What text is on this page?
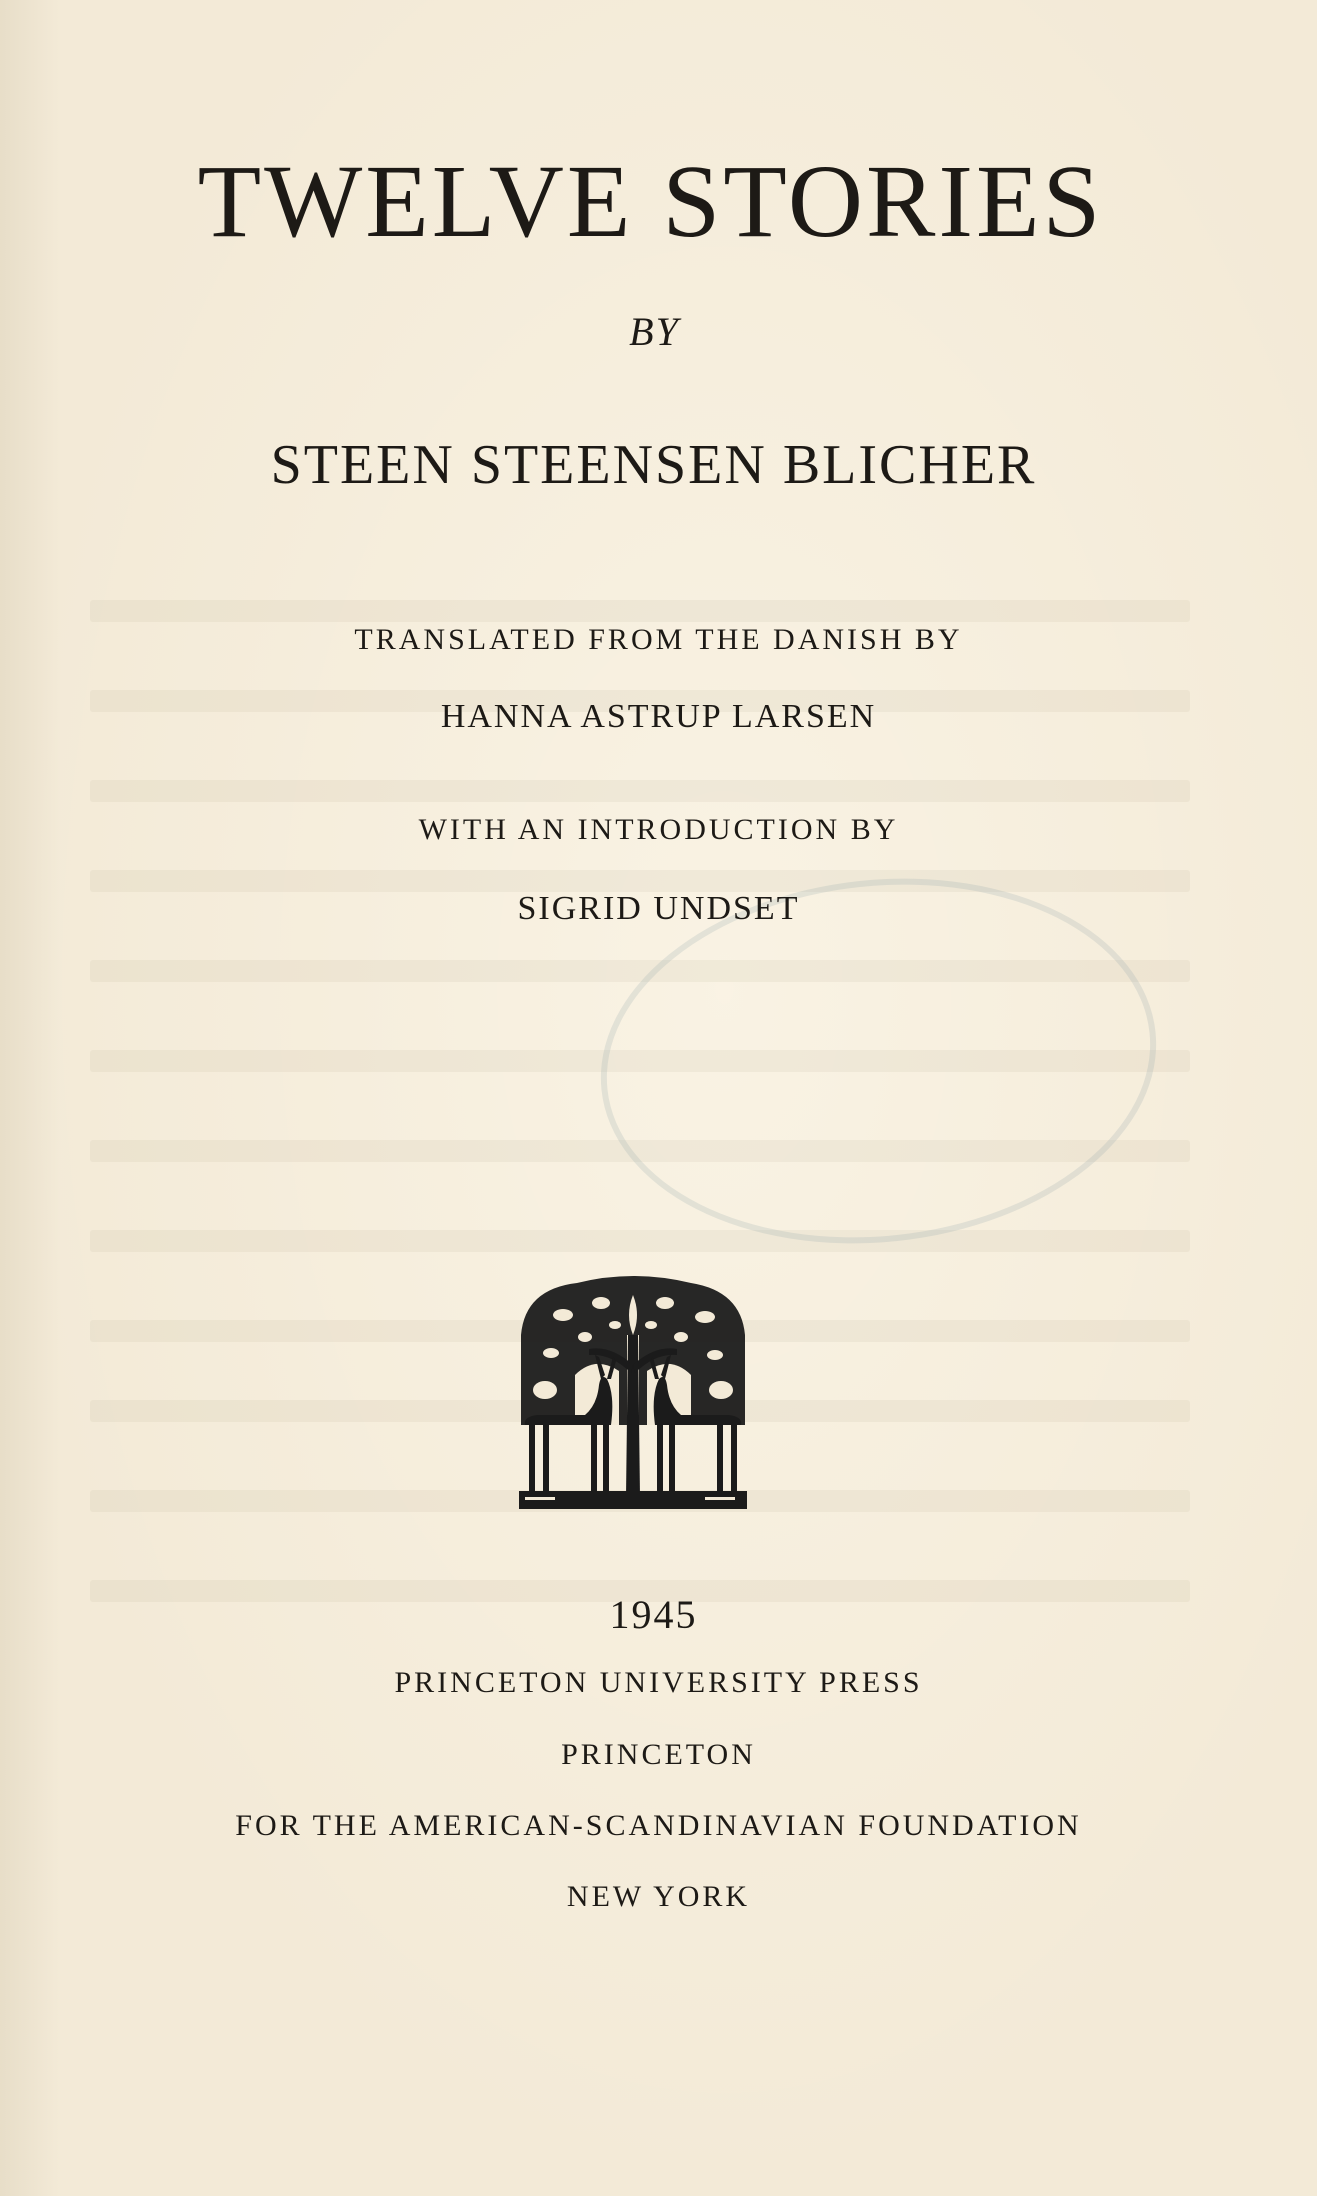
TWELVE STORIES
BY
STEEN STEENSEN BLICHER
TRANSLATED FROM THE DANISH BY
HANNA ASTRUP LARSEN
WITH AN INTRODUCTION BY
SIGRID UNDSET
1945
PRINCETON UNIVERSITY PRESS
PRINCETON
FOR THE AMERICAN-SCANDINAVIAN FOUNDATION
NEW YORK
